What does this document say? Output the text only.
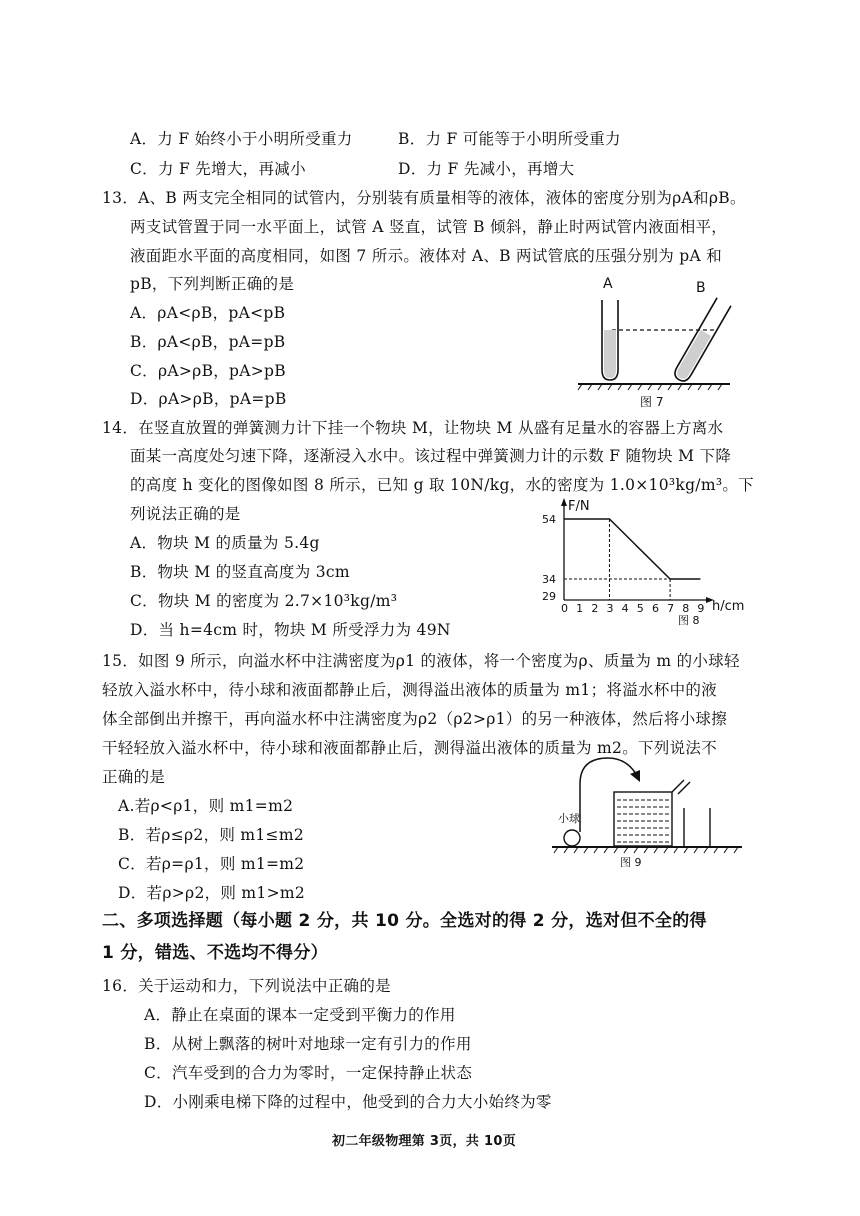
A．力 F 始终小于小明所受重力	B．力 F 可能等于小明所受重力
C．力 F 先增大，再减小	D．力 F 先减小，再增大
13．A、B 两支完全相同的试管内，分别装有质量相等的液体，液体的密度分别为ρA和ρB。
两支试管置于同一水平面上，试管 A 竖直，试管 B 倾斜，静止时两试管内液面相平，
液面距水平面的高度相同，如图 7 所示。液体对 A、B 两试管底的压强分别为 pA 和
pB，下列判断正确的是
A．ρA<ρB，pA<pB
B．ρA<ρB，pA=pB
C．ρA>ρB，pA>pB
D．ρA>ρB，pA=pB
A	B
图 7
14．在竖直放置的弹簧测力计下挂一个物块 M，让物块 M 从盛有足量水的容器上方离水
面某一高度处匀速下降，逐渐浸入水中。该过程中弹簧测力计的示数 F 随物块 M 下降
的高度 h 变化的图像如图 8 所示，已知 g 取 10N/kg，水的密度为 1.0×10³kg/m³。下
列说法正确的是
A．物块 M 的质量为 5.4g
B．物块 M 的竖直高度为 3cm
C．物块 M 的密度为 2.7×10³kg/m³
D．当 h=4cm 时，物块 M 所受浮力为 49N
F/N
h/cm
图 8
0 1 2 3 4 5 6 7 8 9
54
34
29
15．如图 9 所示，向溢水杯中注满密度为ρ1 的液体，将一个密度为ρ、质量为 m 的小球轻
轻放入溢水杯中，待小球和液面都静止后，测得溢出液体的质量为 m1；将溢水杯中的液
体全部倒出并擦干，再向溢水杯中注满密度为ρ2（ρ2>ρ1）的另一种液体，然后将小球擦
干轻轻放入溢水杯中，待小球和液面都静止后，测得溢出液体的质量为 m2。下列说法不
正确的是
A.若ρ<ρ1，则 m1=m2
B．若ρ≤ρ2，则 m1≤m2
C．若ρ=ρ1，则 m1=m2
D．若ρ>ρ2，则 m1>m2
小球
图 9
二、多项选择题（每小题 2 分，共 10 分。全选对的得 2 分，选对但不全的得
1 分，错选、不选均不得分）
16．关于运动和力，下列说法中正确的是
A．静止在桌面的课本一定受到平衡力的作用
B．从树上飘落的树叶对地球一定有引力的作用
C．汽车受到的合力为零时，一定保持静止状态
D．小刚乘电梯下降的过程中，他受到的合力大小始终为零
初二年级物理第 3页，共 10页
